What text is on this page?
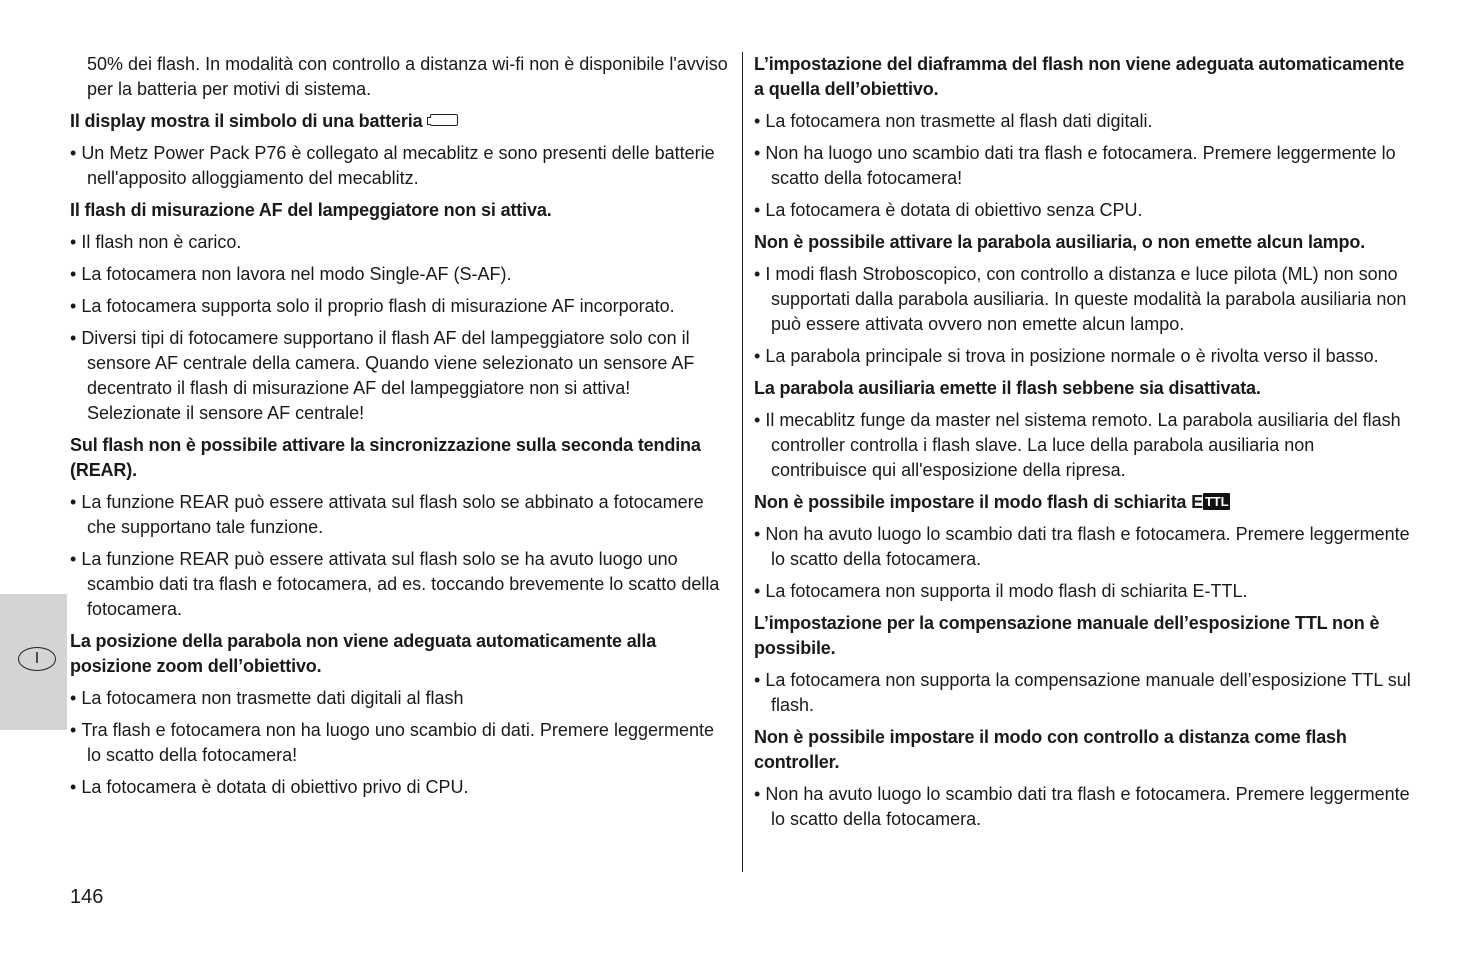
I

50% dei flash. In modalità con controllo a distanza wi-fi non è disponibile l'avviso per la batteria per motivi di sistema.

Il display mostra il simbolo di una batteria
• Un Metz Power Pack P76 è collegato al mecablitz e sono presenti delle batterie nell'apposito alloggiamento del mecablitz.
Il flash di misurazione AF del lampeggiatore non si attiva.
• Il flash non è carico.
• La fotocamera non lavora nel modo Single-AF (S-AF).
• La fotocamera supporta solo il proprio flash di misurazione AF incorporato.
• Diversi tipi di fotocamere supportano il flash AF del lampeggiatore solo con il sensore AF centrale della camera. Quando viene selezionato un sensore AF decentrato il flash di misurazione AF del lampeggiatore non si attiva! Selezionate il sensore AF centrale!
Sul flash non è possibile attivare la sincronizzazione sulla seconda tendina (REAR).
• La funzione REAR può essere attivata sul flash solo se abbinato a fotocamere che supportano tale funzione.
• La funzione REAR può essere attivata sul flash solo se ha avuto luogo uno scambio dati tra flash e fotocamera, ad es. toccando brevemente lo scatto della fotocamera.
La posizione della parabola non viene adeguata automaticamente alla posizione zoom dell’obiettivo.
• La fotocamera non trasmette dati digitali al flash
• Tra flash e fotocamera non ha luogo uno scambio di dati. Premere leggermente lo scatto della fotocamera!
• La fotocamera è dotata di obiettivo privo di CPU.
L’impostazione del diaframma del flash non viene adeguata automaticamente a quella dell’obiettivo.
• La fotocamera non trasmette al flash dati digitali.
• Non ha luogo uno scambio dati tra flash e fotocamera. Premere leggermente lo scatto della fotocamera!
• La fotocamera è dotata di obiettivo senza CPU.
Non è possibile attivare la parabola ausiliaria, o non emette alcun lampo.
• I modi flash Stroboscopico, con controllo a distanza e luce pilota (ML) non sono supportati dalla parabola ausiliaria. In queste modalità la parabola ausiliaria non può essere attivata ovvero non emette alcun lampo.
• La parabola principale si trova in posizione normale o è rivolta verso il basso.
La parabola ausiliaria emette il flash sebbene sia disattivata.
• Il mecablitz funge da master nel sistema remoto. La parabola ausiliaria del flash controller controlla i flash slave. La luce della parabola ausiliaria non contribuisce qui all'esposizione della ripresa.
Non è possibile impostare il modo flash di schiarita E TTL
• Non ha avuto luogo lo scambio dati tra flash e fotocamera. Premere leggermente lo scatto della fotocamera.
• La fotocamera non supporta il modo flash di schiarita E-TTL.
L’impostazione per la compensazione manuale dell’esposizione TTL non è possibile.
• La fotocamera non supporta la compensazione manuale dell’esposizione TTL sul flash.
Non è possibile impostare il modo con controllo a distanza come flash controller.
• Non ha avuto luogo lo scambio dati tra flash e fotocamera. Premere leggermente lo scatto della fotocamera.
146
